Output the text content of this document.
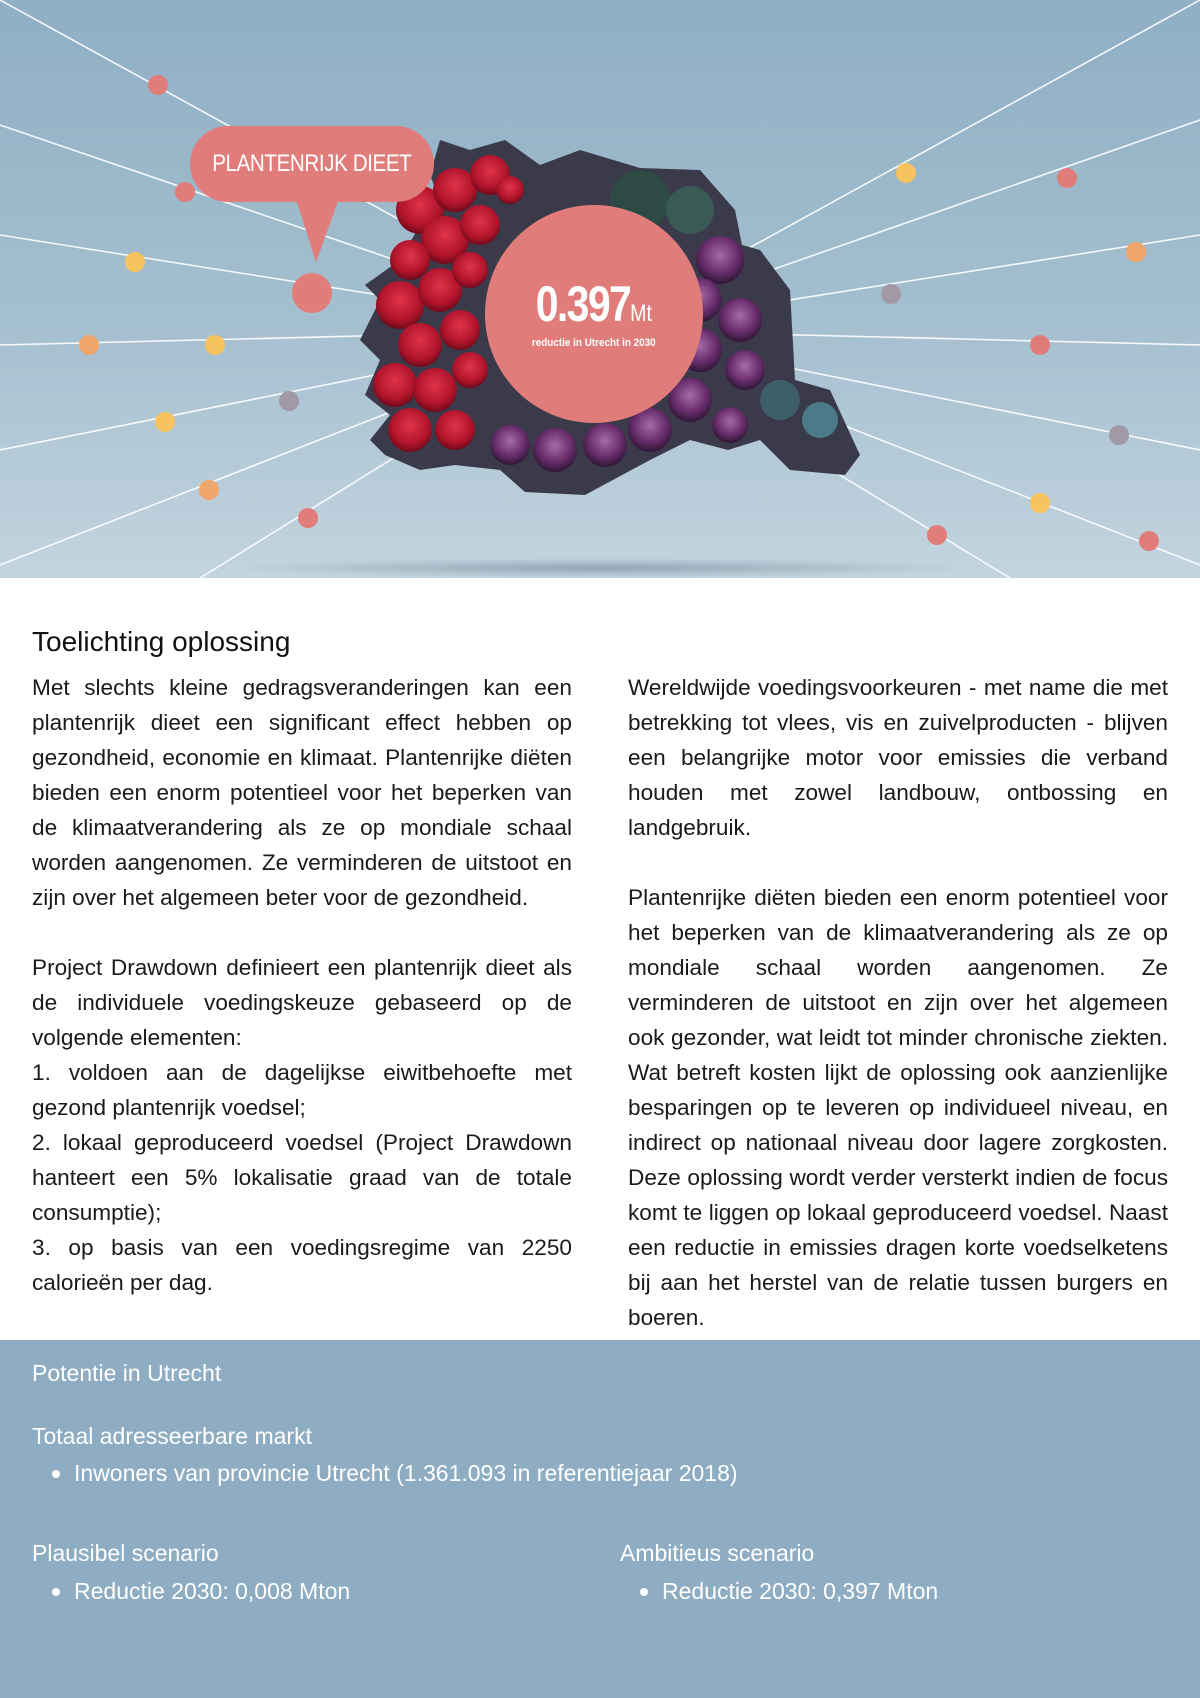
PLANTENRIJK DIEET
0.397Mt
reductie in Utrecht in 2030
Toelichting oplossing

Met slechts kleine gedragsveranderingen kan een plantenrijk dieet een significant effect hebben op gezondheid, economie en klimaat. Plantenrijke diëten bieden een enorm potentieel voor het beperken van de klimaatverandering als ze op mondiale schaal worden aangenomen. Ze verminderen de uitstoot en zijn over het algemeen beter voor de gezondheid.

Project Drawdown definieert een plantenrijk dieet als de individuele voedingskeuze gebaseerd op de volgende elementen:

1. voldoen aan de dagelijkse eiwitbehoefte met gezond plantenrijk voedsel;

2. lokaal geproduceerd voedsel (Project Drawdown hanteert een 5% lokalisatie graad van de totale consumptie);

3. op basis van een voedingsregime van 2250 calorieën per dag.

Wereldwijde voedingsvoorkeuren - met name die met betrekking tot vlees, vis en zuivelproducten - blijven een belangrijke motor voor emissies die verband houden met zowel landbouw, ontbossing en landgebruik.

Plantenrijke diëten bieden een enorm potentieel voor het beperken van de klimaatverandering als ze op mondiale schaal worden aangenomen. Ze verminderen de uitstoot en zijn over het algemeen ook gezonder, wat leidt tot minder chronische ziekten. Wat betreft kosten lijkt de oplossing ook aanzienlijke besparingen op te leveren op individueel niveau, en indirect op nationaal niveau door lagere zorgkosten. Deze oplossing wordt verder versterkt indien de focus komt te liggen op lokaal geproduceerd voedsel. Naast een reductie in emissies dragen korte voedselketens bij aan het herstel van de relatie tussen burgers en boeren.

Potentie in Utrecht
Totaal adresseerbare markt
Inwoners van provincie Utrecht (1.361.093 in referentiejaar 2018)
Plausibel scenario
Reductie 2030: 0,008 Mton
Ambitieus scenario
Reductie 2030: 0,397 Mton
